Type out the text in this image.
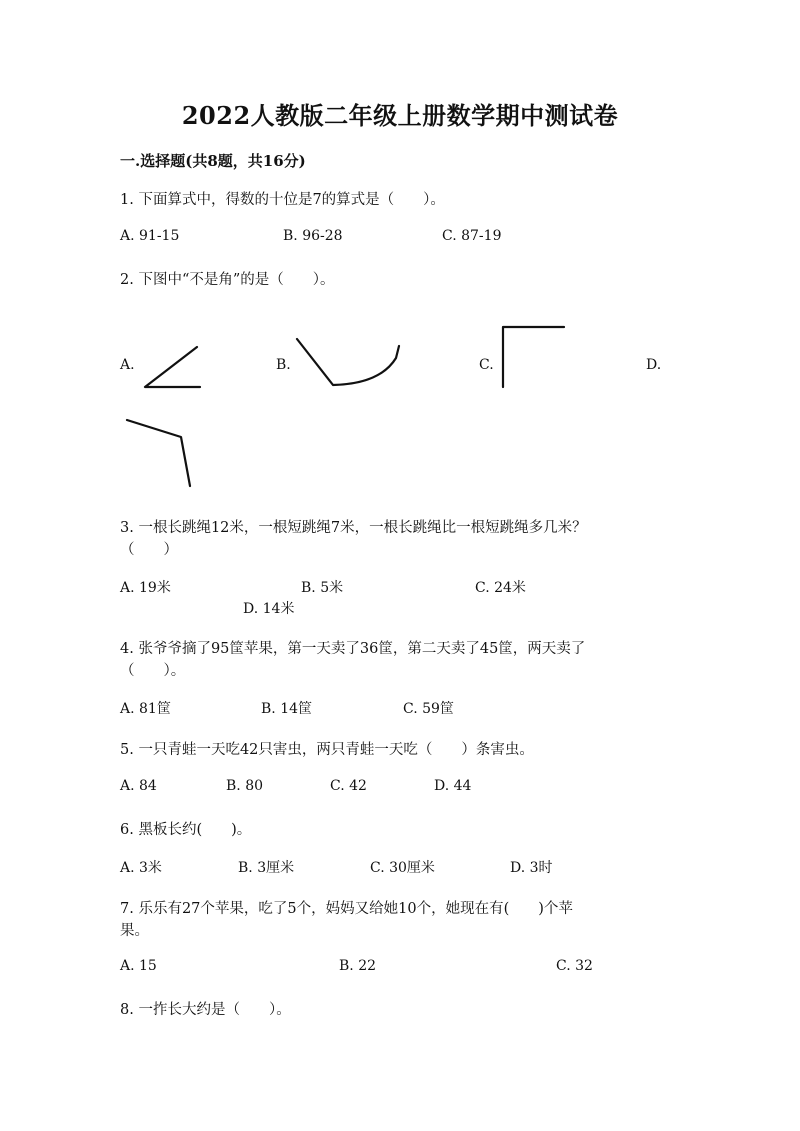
2022人教版二年级上册数学期中测试卷
一.选择题(共8题，共16分)
1. 下面算式中，得数的十位是7的算式是（　　）。
A. 91-15	B. 96-28	C. 87-19
2. 下图中“不是角”的是（　　）。
A.	B.	C.	D.
3. 一根长跳绳12米，一根短跳绳7米，一根长跳绳比一根短跳绳多几米？
（　　）
A. 19米	B. 5米	C. 24米
D. 14米
4. 张爷爷摘了95筐苹果，第一天卖了36筐，第二天卖了45筐，两天卖了
（　　）。
A. 81筐	B. 14筐	C. 59筐
5. 一只青蛙一天吃42只害虫，两只青蛙一天吃（　　）条害虫。
A. 84	B. 80	C. 42	D. 44
6. 黑板长约(　　)。
A. 3米	B. 3厘米	C. 30厘米	D. 3时
7. 乐乐有27个苹果，吃了5个，妈妈又给她10个，她现在有(　　)个苹
果。
A. 15	B. 22	C. 32
8. 一拃长大约是（　　）。
